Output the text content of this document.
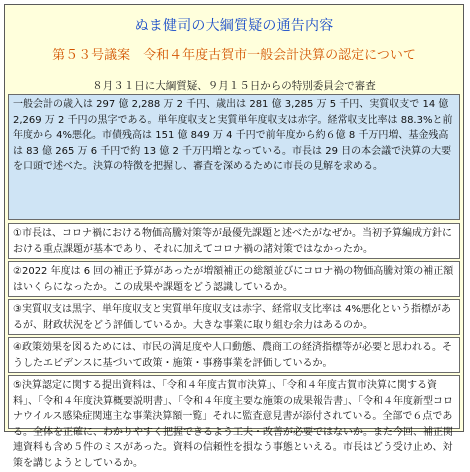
ぬま健司の大綱質疑の通告内容
第５３号議案　令和４年度古賀市一般会計決算の認定について
８月３１日に大綱質疑、９月１５日からの特別委員会で審査
一般会計の歳入は 297 億 2,288 万 2 千円、歳出は 281 億 3,285 万 5 千円、実質収支で 14 億 2,269 万 2 千円の黒字である。単年度収支と実質単年度収支は赤字。経常収支比率は 88.3%と前年度から 4%悪化。市債残高は 151 億 849 万 4 千円で前年度から約６億 8 千万円増、基金残高は 83 億 265 万 6 千円で約 13 億 2 千万円増となっている。市長は 29 日の本会議で決算の大要を口頭で述べた。決算の特徴を把握し、審査を深めるために市長の見解を求める。
①市長は、コロナ禍における物価高騰対策等が最優先課題と述べたがなぜか。当初予算編成方針における重点課題が基本であり、それに加えてコロナ禍の諸対策ではなかったか。
②2022 年度は 6 回の補正予算があったが増額補正の総額並びにコロナ禍の物価高騰対策の補正額はいくらになったか。この成果や課題をどう認識しているか。
③実質収支は黒字、単年度収支と実質単年度収支は赤字、経常収支比率は 4%悪化という指標があるが、財政状況をどう評価しているか。大きな事業に取り組む余力はあるのか。
④政策効果を図るためには、市民の満足度や人口動態、農商工の経済指標等が必要と思われる。そうしたエビデンスに基づいて政策・施策・事務事業を評価しているか。
⑤決算認定に関する提出資料は、「令和４年度古賀市決算」、「令和４年度古賀市決算に関する資料」、「令和４年度決算概要説明書」、「令和４年度主要な施策の成果報告書」、「令和４年度新型コロナウイルス感染症関連主な事業決算額一覧」それに監査意見書が添付されている。全部で６点である。全体を正確に、わかりやすく把握できるよう工夫・改善が必要ではないか。また今回、補正関連資料も含め５件のミスがあった。資料の信頼性を損なう事態といえる。市長はどう受け止め、対策を講じようとしているか。
